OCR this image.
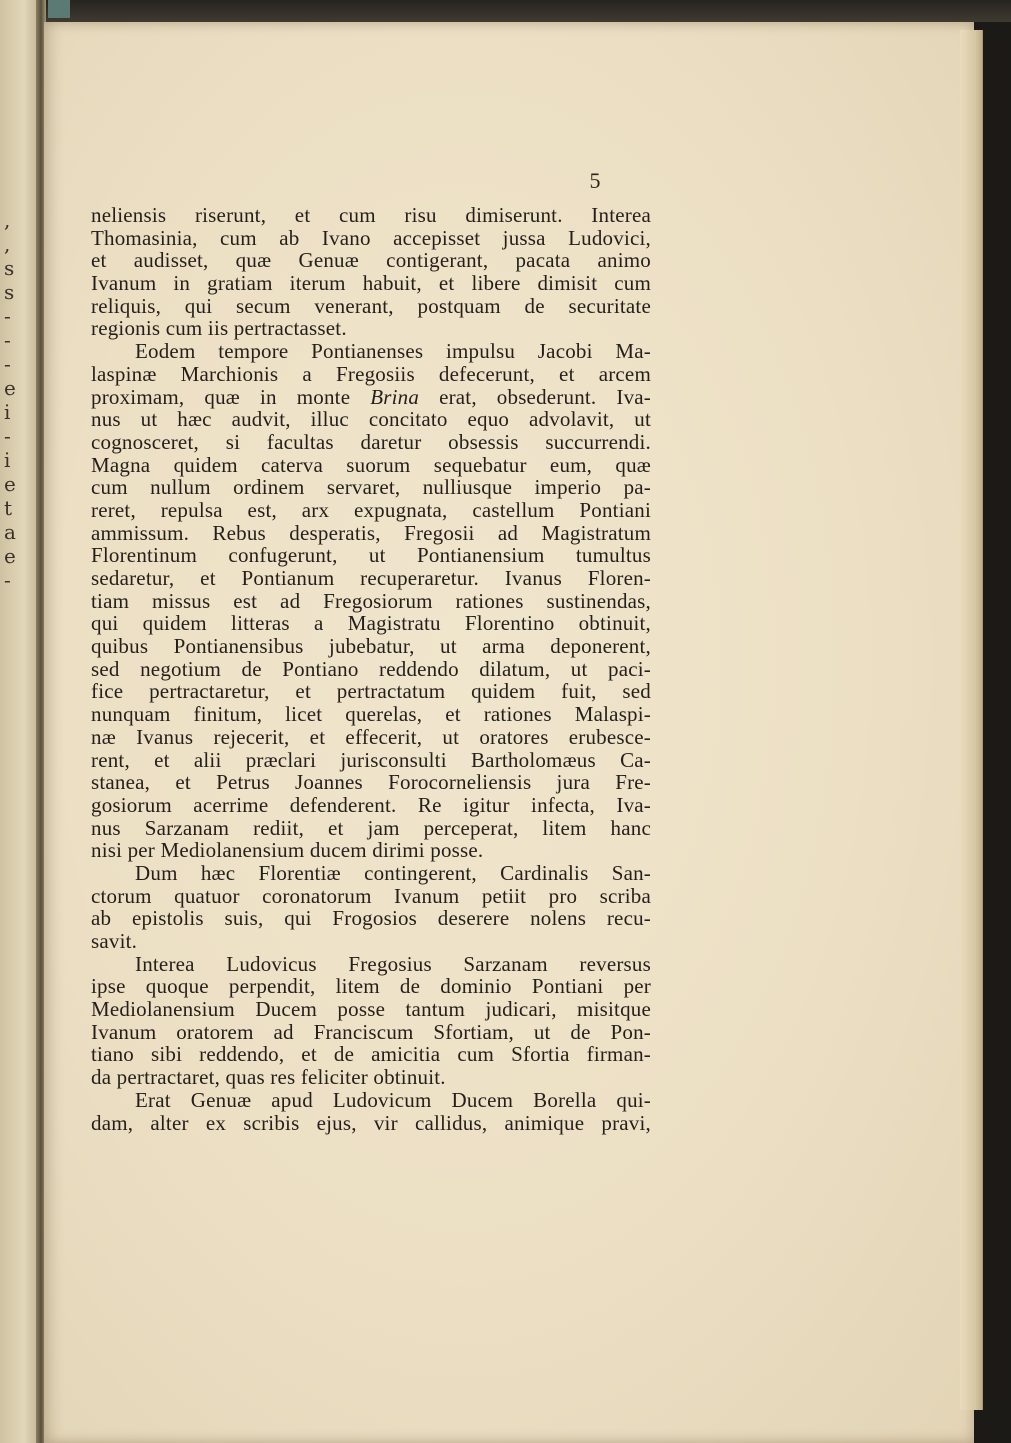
,
,
s
s
-
-
-
e
i
-
i
e
t
a
e
-
5
neliensis riserunt, et cum risu dimiserunt. Interea
Thomasinia, cum ab Ivano accepisset jussa Ludovici,
et audisset, quæ Genuæ contigerant, pacata animo
Ivanum in gratiam iterum habuit, et libere dimisit cum
reliquis, qui secum venerant, postquam de securitate
regionis cum iis pertractasset.
Eodem tempore Pontianenses impulsu Jacobi Ma-
laspinæ Marchionis a Fregosiis defecerunt, et arcem
proximam, quæ in monte Brina erat, obsederunt. Iva-
nus ut hæc audvit, illuc concitato equo advolavit, ut
cognosceret, si facultas daretur obsessis succurrendi.
Magna quidem caterva suorum sequebatur eum, quæ
cum nullum ordinem servaret, nulliusque imperio pa-
reret, repulsa est, arx expugnata, castellum Pontiani
ammissum. Rebus desperatis, Fregosii ad Magistratum
Florentinum confugerunt, ut Pontianensium tumultus
sedaretur, et Pontianum recuperaretur. Ivanus Floren-
tiam missus est ad Fregosiorum rationes sustinendas,
qui quidem litteras a Magistratu Florentino obtinuit,
quibus Pontianensibus jubebatur, ut arma deponerent,
sed negotium de Pontiano reddendo dilatum, ut paci-
fice pertractaretur, et pertractatum quidem fuit, sed
nunquam finitum, licet querelas, et rationes Malaspi-
næ Ivanus rejecerit, et effecerit, ut oratores erubesce-
rent, et alii præclari jurisconsulti Bartholomæus Ca-
stanea, et Petrus Joannes Forocorneliensis jura Fre-
gosiorum acerrime defenderent. Re igitur infecta, Iva-
nus Sarzanam rediit, et jam perceperat, litem hanc
nisi per Mediolanensium ducem dirimi posse.
Dum hæc Florentiæ contingerent, Cardinalis San-
ctorum quatuor coronatorum Ivanum petiit pro scriba
ab epistolis suis, qui Frogosios deserere nolens recu-
savit.
Interea Ludovicus Fregosius Sarzanam reversus
ipse quoque perpendit, litem de dominio Pontiani per
Mediolanensium Ducem posse tantum judicari, misitque
Ivanum oratorem ad Franciscum Sfortiam, ut de Pon-
tiano sibi reddendo, et de amicitia cum Sfortia firman-
da pertractaret, quas res feliciter obtinuit.
Erat Genuæ apud Ludovicum Ducem Borella qui-
dam, alter ex scribis ejus, vir callidus, animique pravi,
